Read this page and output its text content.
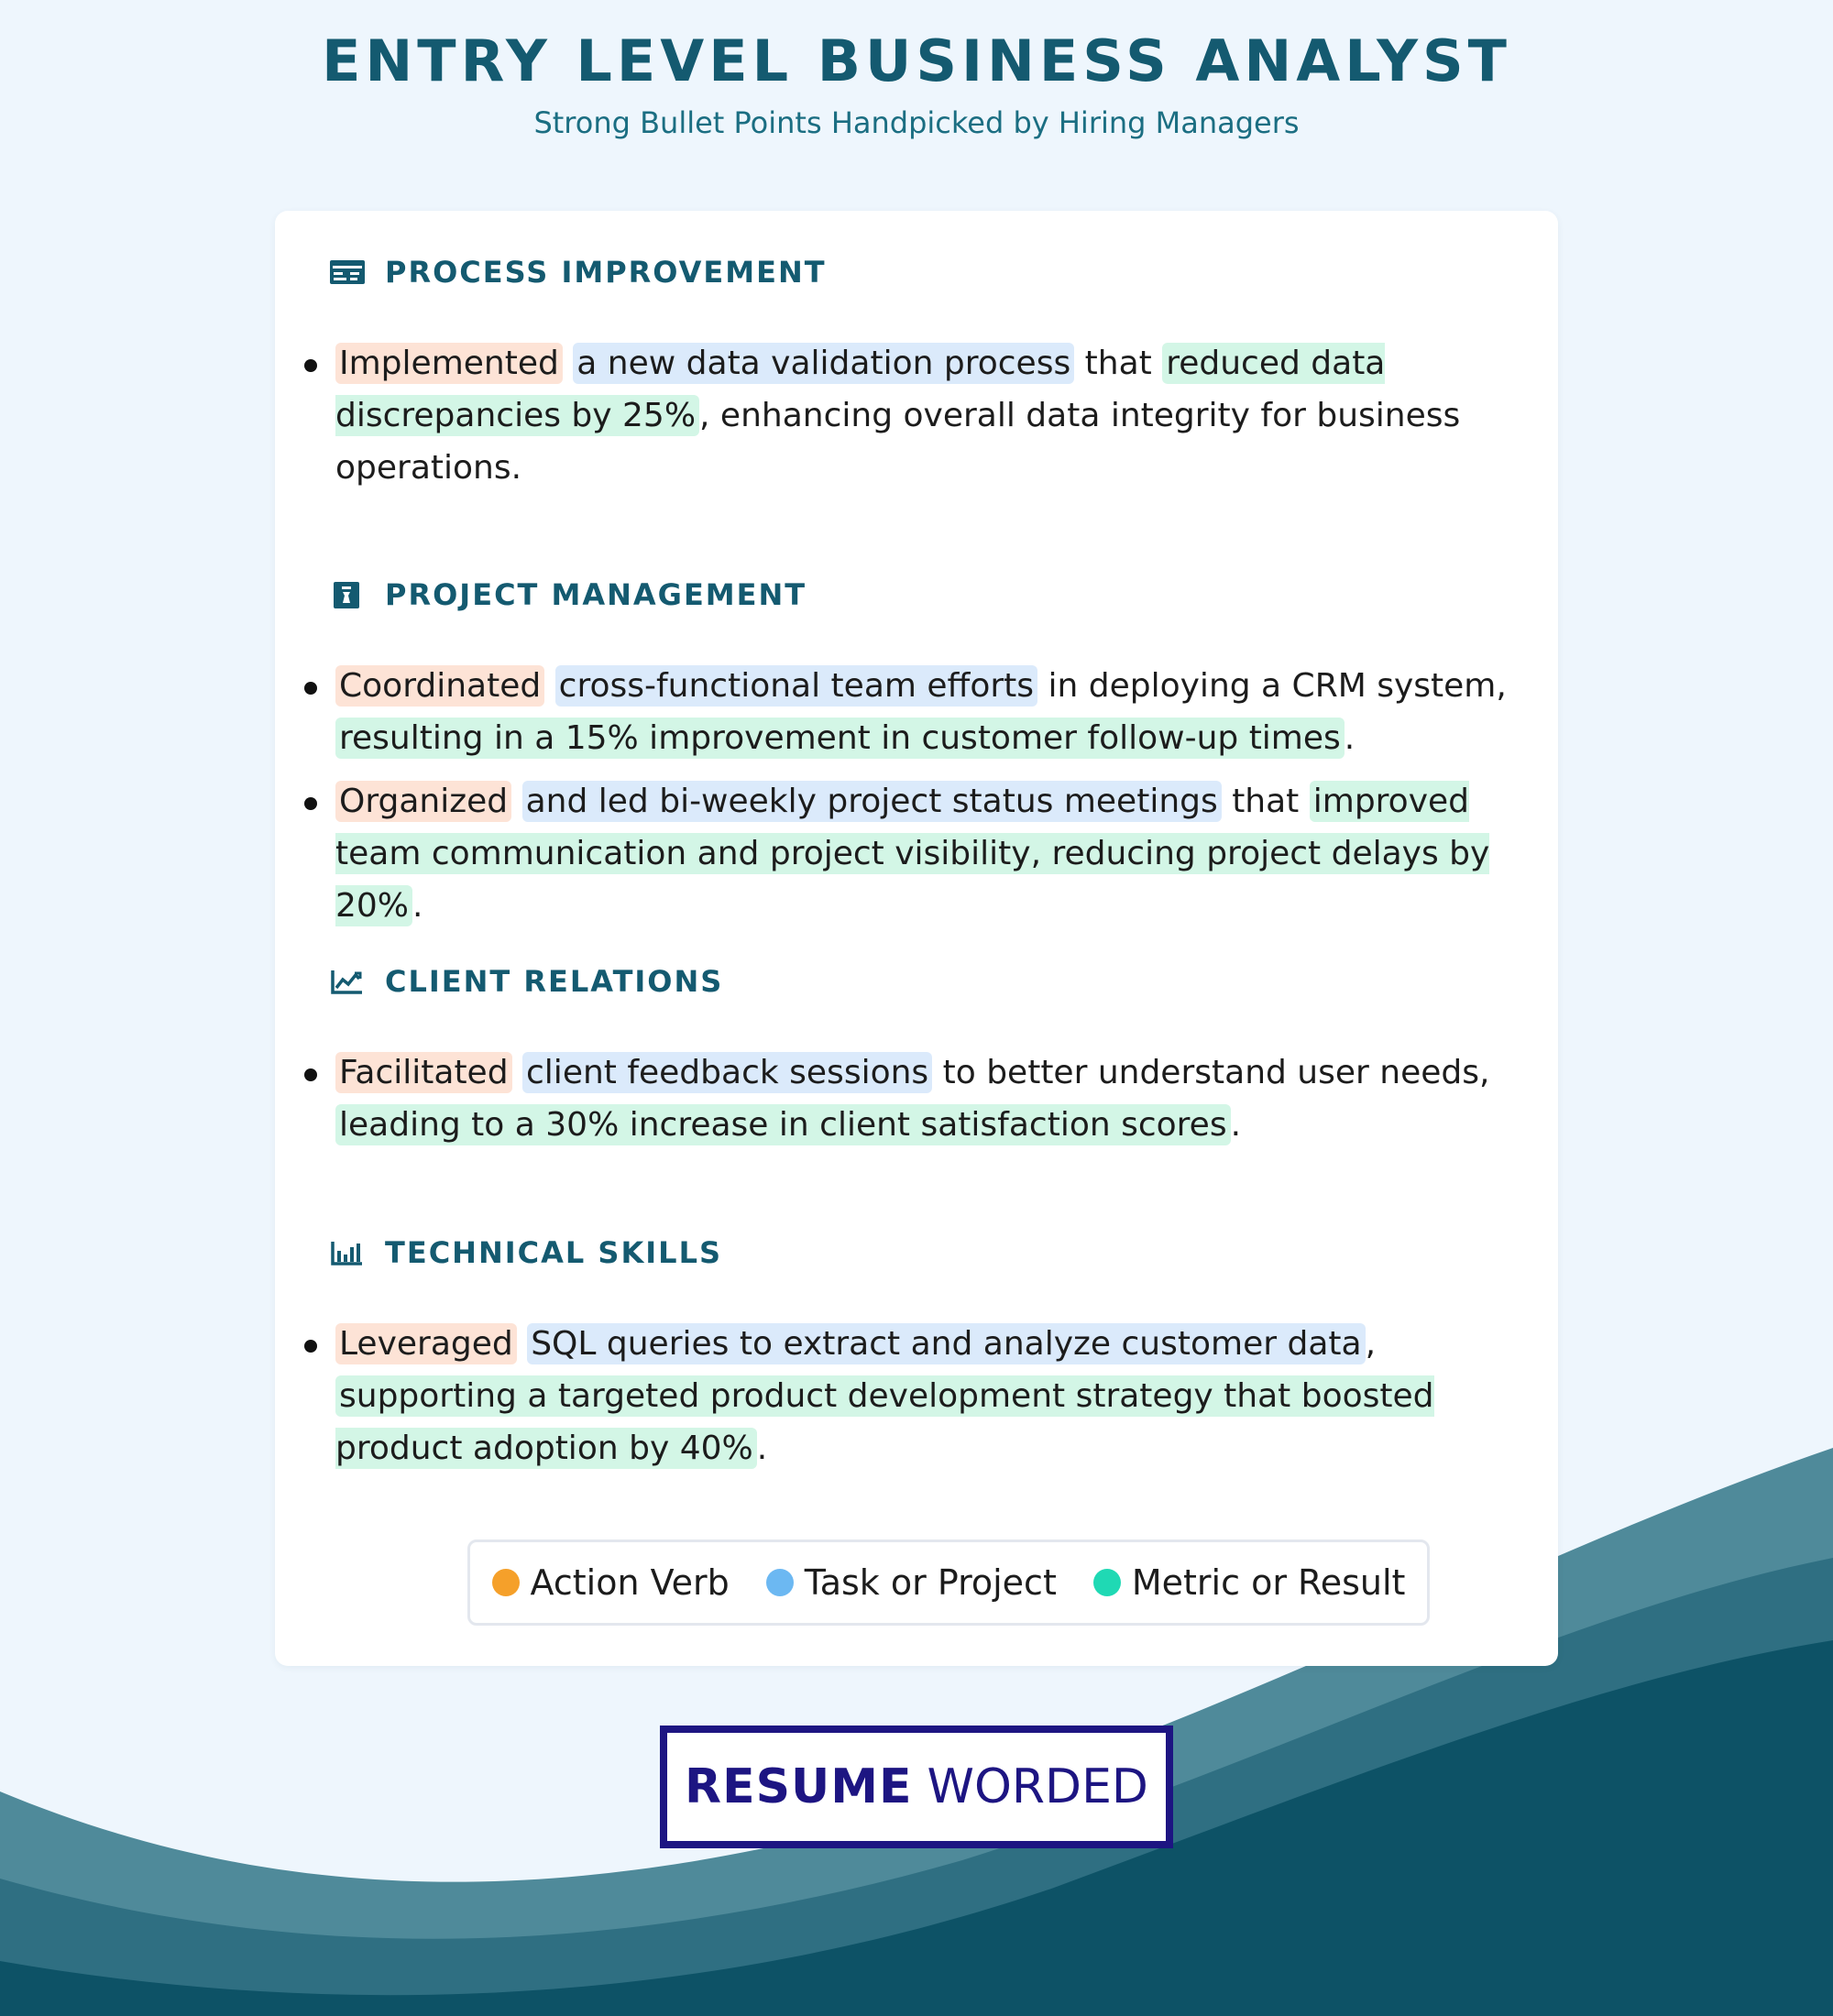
ENTRY LEVEL BUSINESS ANALYST

Strong Bullet Points Handpicked by Hiring Managers

PROCESS IMPROVEMENT
Implemented a new data validation process that reduced data discrepancies by 25% , enhancing overall data integrity for business operations.
PROJECT MANAGEMENT
Coordinated cross-functional team efforts in deploying a CRM system, resulting in a 15% improvement in customer follow-up times .
Organized and led bi-weekly project status meetings that improved team communication and project visibility, reducing project delays by 20% .
CLIENT RELATIONS
Facilitated client feedback sessions to better understand user needs, leading to a 30% increase in client satisfaction scores .
TECHNICAL SKILLS
Leveraged SQL queries to extract and analyze customer data , supporting a targeted product development strategy that boosted product adoption by 40% .
Action Verb Task or Project Metric or Result
RESUME WORDED
